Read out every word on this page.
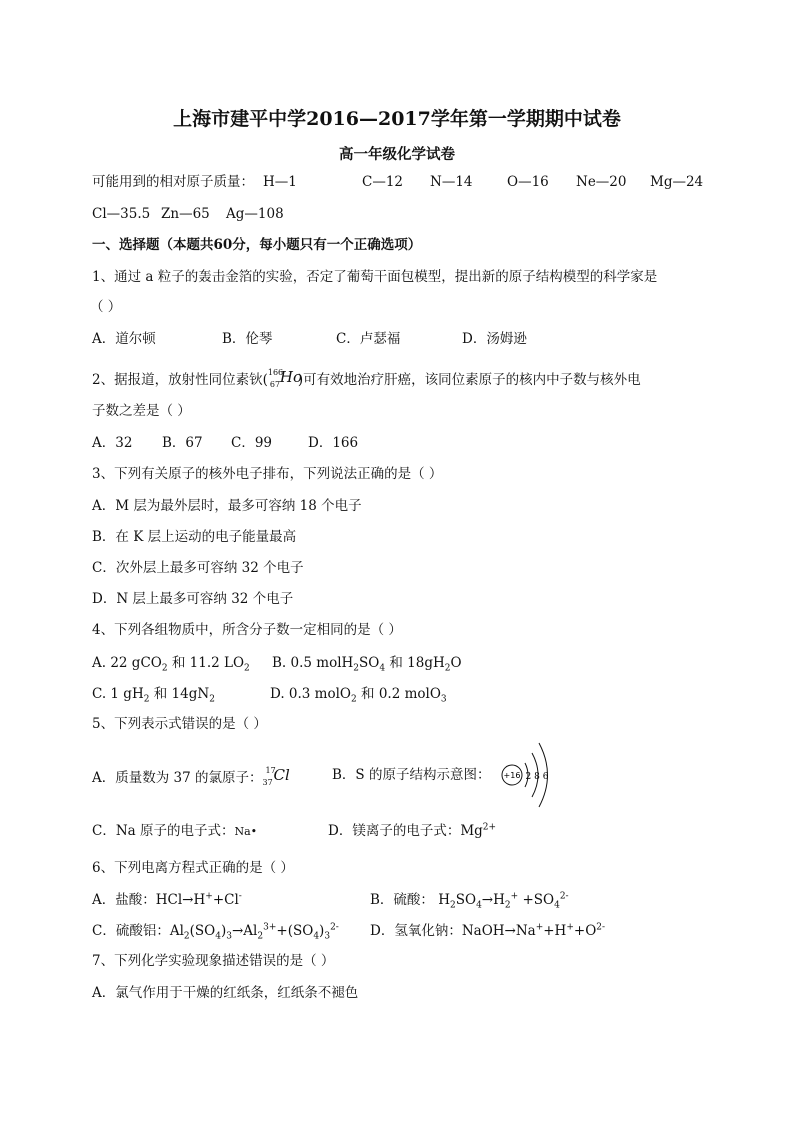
上海市建平中学2016—2017学年第一学期期中试卷
高一年级化学试卷
可能用到的相对原子质量： H—1	C—12 N—14	O—16 Ne—20 Mg—24
Cl—35.5 Zn—65 Ag—108
一、选择题（本题共60分，每小题只有一个正确选项）
1、通过 a 粒子的轰击金箔的实验，否定了葡萄干面包模型，提出新的原子结构模型的科学家是
（ ）
A．道尔顿	B．伦琴	C．卢瑟福	D．汤姆逊
2、据报道，放射性同位素钬( 166
67 Ho
)可有效地治疗肝癌，该同位素原子的核内中子数与核外电
子数之差是（ ）
A．32 B．67 C．99	D．166
3、下列有关原子的核外电子排布，下列说法正确的是（ ）
A．M 层为最外层时，最多可容纳 18 个电子
B．在 K 层上运动的电子能量最高
C．次外层上最多可容纳 32 个电子
D．N 层上最多可容纳 32 个电子
4、下列各组物质中，所含分子数一定相同的是（ ）
A. 22 gCO$_2$ 和 11.2 $LO_2$ B. 0.5 $molH_2SO_4$ 和 $18gH_2O$
C. 1 $gH_2$ 和 $14gN_2$	D. 0.3 molO$_2$ 和 0.2 molO$_3$
5、下列表示式错误的是（ ）
A．质量数为 37 的氯原子： 17
37 Cl	B．S 的原子结构示意图： +16 2 8 6
C．Na 原子的电子式：Na•	D．镁离子的电子式：$Mg^{2+}$
6、下列电离方程式正确的是（ ）
A．盐酸：HCl→H++Cl-	B．硫酸： $H_2SO_4\to H_2^+ +SO_4^{2-}$
C．硫酸铝：$Al_2(SO_4)_3\to Al_2^{3+}+(SO_4)_3^{2-}$ D．氢氧化钠：$NaOH\to Na^++H^++O^{2-}$
7、下列化学实验现象描述错误的是（ ）
A．氯气作用于干燥的红纸条，红纸条不褪色
